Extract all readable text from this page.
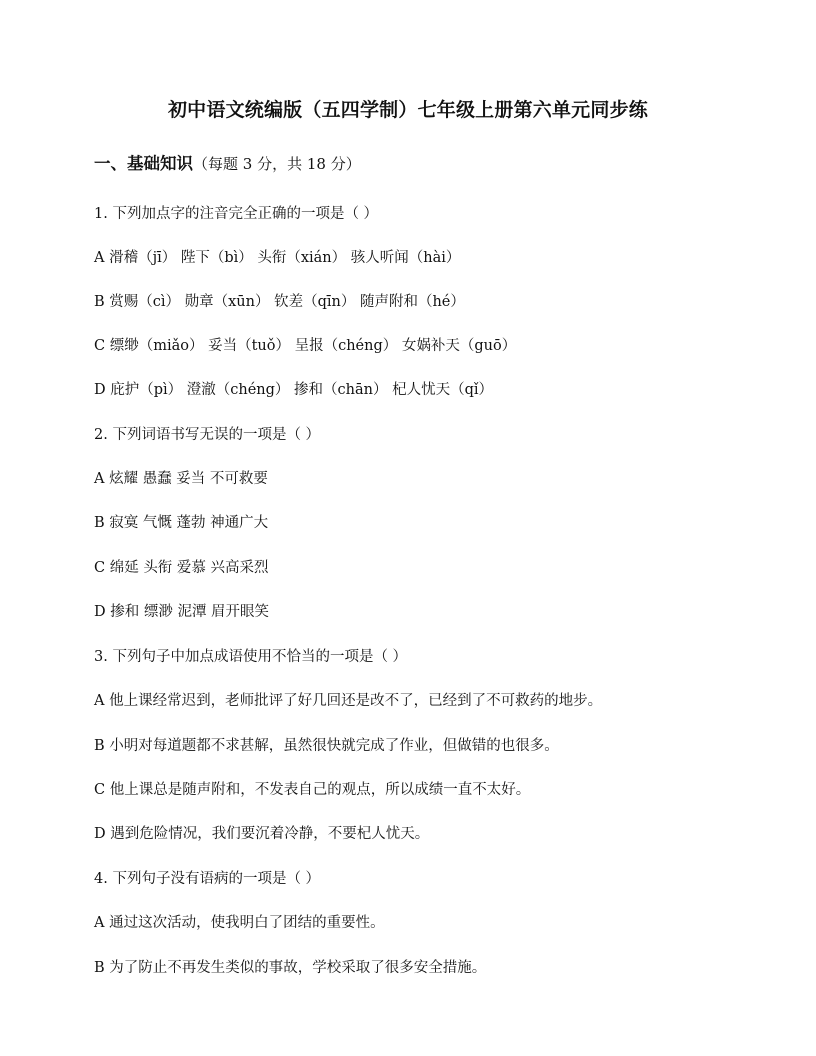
初中语文统编版（五四学制）七年级上册第六单元同步练
一、基础知识（每题 3 分，共 18 分）
1. 下列加点字的注音完全正确的一项是（ ）
A 滑稽（jī） 陛下（bì） 头衔（xián） 骇人听闻（hài）
B 赏赐（cì） 勋章（xūn） 钦差（qīn） 随声附和（hé）
C 缥缈（miǎo） 妥当（tuǒ） 呈报（chéng） 女娲补天（guō）
D 庇护（pì） 澄澈（chéng） 掺和（chān） 杞人忧天（qǐ）
2. 下列词语书写无误的一项是（ ）
A 炫耀 愚蠢 妥当 不可救要
B 寂寞 气慨 蓬勃 神通广大
C 绵延 头衔 爱慕 兴高采烈
D 掺和 缥渺 泥潭 眉开眼笑
3. 下列句子中加点成语使用不恰当的一项是（ ）
A 他上课经常迟到，老师批评了好几回还是改不了，已经到了不可救药的地步。
B 小明对每道题都不求甚解，虽然很快就完成了作业，但做错的也很多。
C 他上课总是随声附和，不发表自己的观点，所以成绩一直不太好。
D 遇到危险情况，我们要沉着冷静，不要杞人忧天。
4. 下列句子没有语病的一项是（ ）
A 通过这次活动，使我明白了团结的重要性。
B 为了防止不再发生类似的事故，学校采取了很多安全措施。
